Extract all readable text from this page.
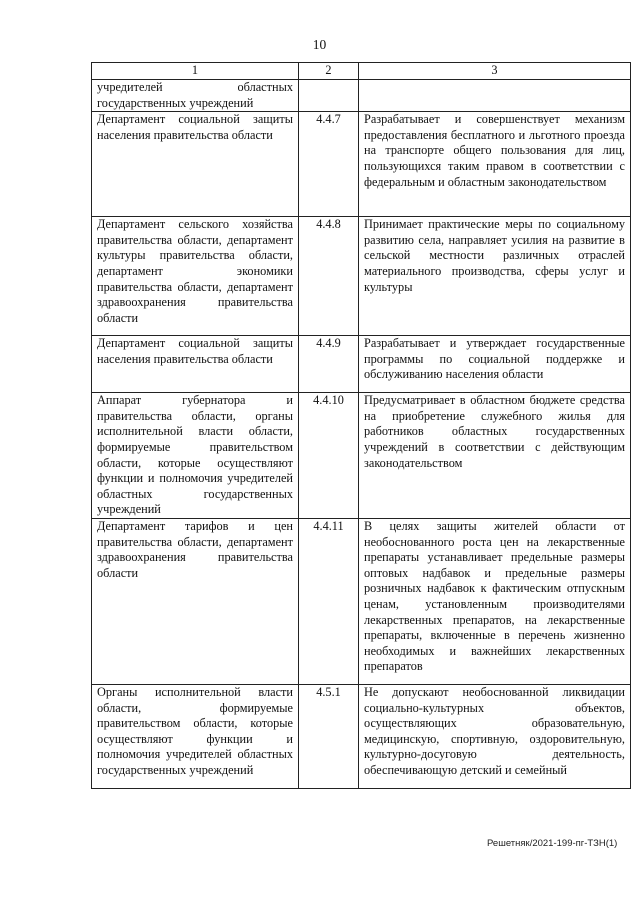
10
1	2	3
учредителей областных государственных учреждений		
Департамент социальной защиты населения правительства области	4.4.7	Разрабатывает и совершенствует механизм предоставления бесплатного и льготного проезда на транспорте общего пользования для лиц, пользующихся таким правом в соответствии с федеральным и областным законодательством
Департамент сельского хозяйства правительства области, департамент культуры правительства области, департамент экономики правительства области, департамент здравоохранения правительства области	4.4.8	Принимает практические меры по социальному развитию села, направляет усилия на развитие в сельской местности различных отраслей материального производства, сферы услуг и культуры
Департамент социальной защиты населения правительства области	4.4.9	Разрабатывает и утверждает государственные программы по социальной поддержке и обслуживанию населения области
Аппарат губернатора и правительства области, органы исполнительной власти области, формируемые правительством области, которые осуществляют функции и полномочия учредителей областных государственных учреждений	4.4.10	Предусматривает в областном бюджете средства на приобретение служебного жилья для работников областных государственных учреждений в соответствии с действующим законодательством
Департамент тарифов и цен правительства области, департамент здравоохранения правительства области	4.4.11	В целях защиты жителей области от необоснованного роста цен на лекарственные препараты устанавливает предельные размеры оптовых надбавок и предельные размеры розничных надбавок к фактическим отпускным ценам, установленным производителями лекарственных препаратов, на лекарственные препараты, включенные в перечень жизненно необходимых и важнейших лекарственных препаратов
Органы исполнительной власти области, формируемые правительством области, которые осуществляют функции и полномочия учредителей областных государственных учреждений	4.5.1	Не допускают необоснованной ликвидации социально-культурных объектов, осуществляющих образовательную, медицинскую, спортивную, оздоровительную, культурно-досуговую деятельность, обеспечивающую детский и семейный
Решетняк/2021-199-пг-ТЗН(1)
